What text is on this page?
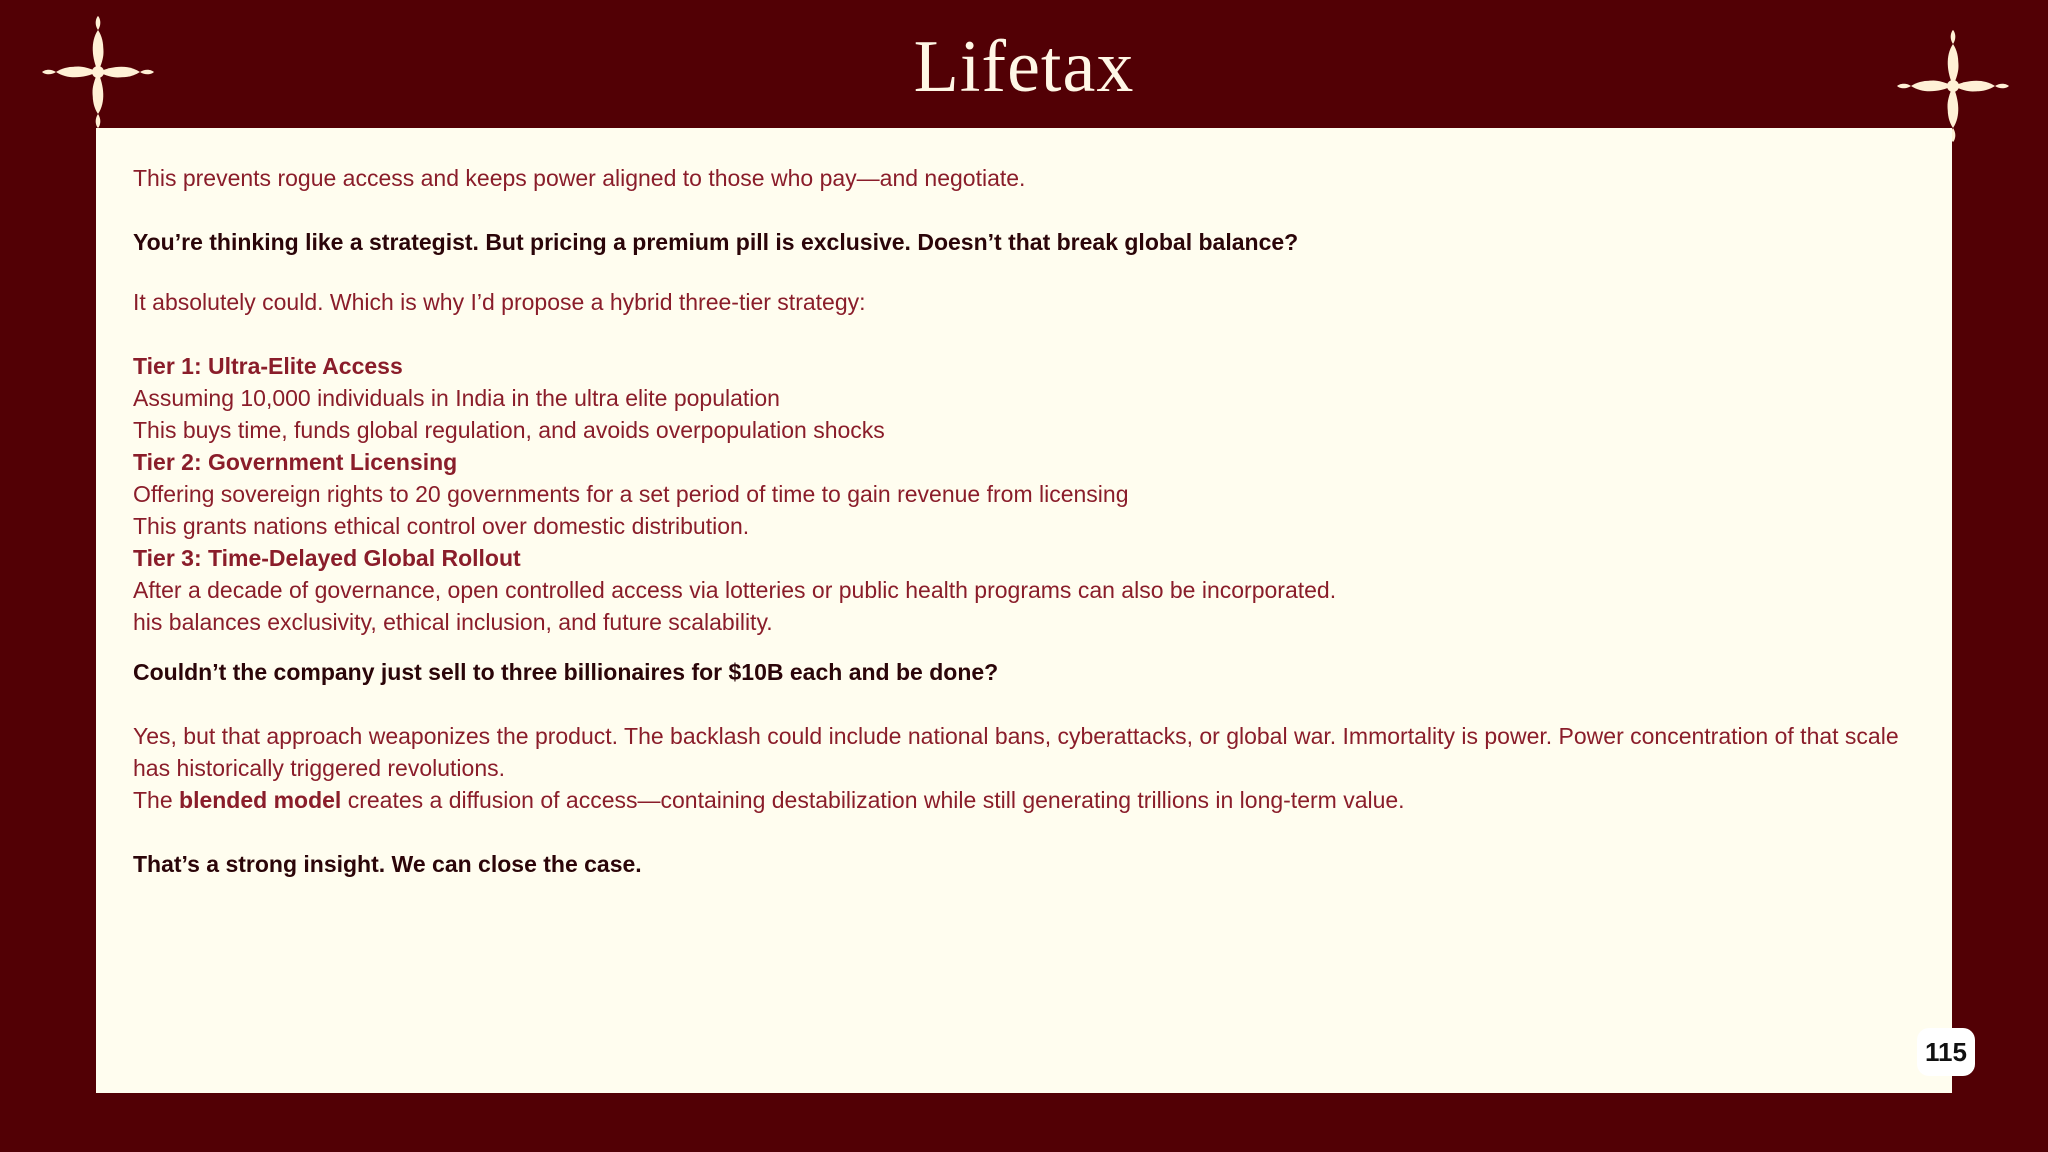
Lifetax

This prevents rogue access and keeps power aligned to those who pay—and negotiate.

You’re thinking like a strategist. But pricing a premium pill is exclusive. Doesn’t that break global balance?

It absolutely could. Which is why I’d propose a hybrid three-tier strategy:

Tier 1: Ultra-Elite Access

Assuming 10,000 individuals in India in the ultra elite population

This buys time, funds global regulation, and avoids overpopulation shocks

Tier 2: Government Licensing

Offering sovereign rights to 20 governments for a set period of time to gain revenue from licensing

This grants nations ethical control over domestic distribution.

Tier 3: Time-Delayed Global Rollout

After a decade of governance, open controlled access via lotteries or public health programs can also be incorporated.

his balances exclusivity, ethical inclusion, and future scalability.

Couldn’t the company just sell to three billionaires for $10B each and be done?

Yes, but that approach weaponizes the product. The backlash could include national bans, cyberattacks, or global war. Immortality is power. Power concentration of that scale has historically triggered revolutions.

The blended model creates a diffusion of access—containing destabilization while still generating trillions in long-term value.

That’s a strong insight. We can close the case.

115
